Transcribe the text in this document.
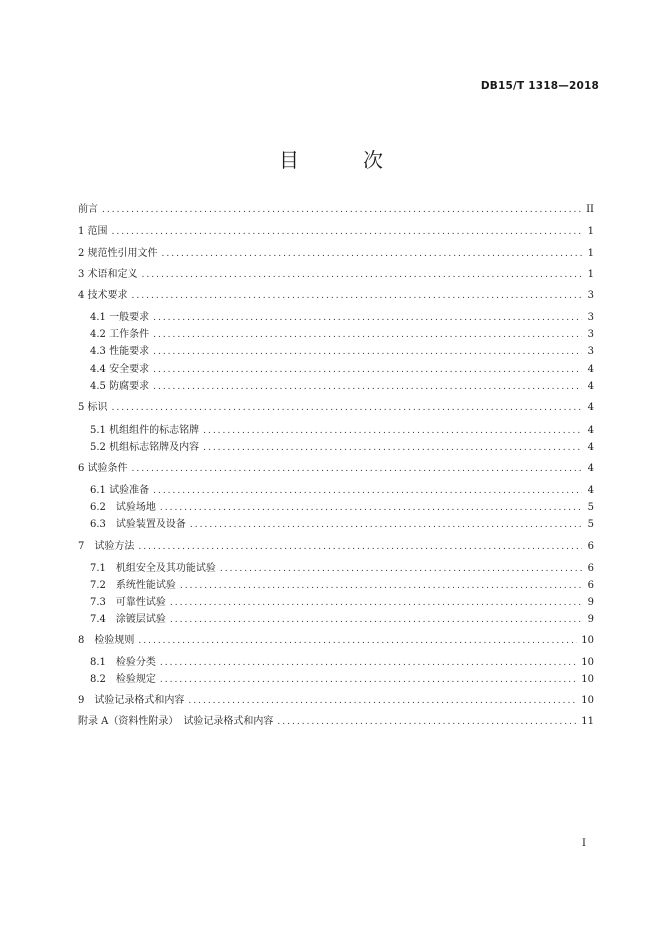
DB15/T 1318—2018
目　次
前言 .....	II
1 范围 .....	1
2 规范性引用文件 .....	1
3 术语和定义 .....	1
4 技术要求 .....	3
4.1 一般要求 .....	3
4.2 工作条件 .....	3
4.3 性能要求 .....	3
4.4 安全要求 .....	4
4.5 防腐要求 .....	4
5 标识 .....	4
5.1 机组组件的标志铭牌 .....	4
5.2 机组标志铭牌及内容 .....	4
6 试验条件 .....	4
6.1 试验准备 .....	4
6.2　试验场地 .....	5
6.3　试验装置及设备 .....	5
7　试验方法 .....	6
7.1　机组安全及其功能试验 .....	6
7.2　系统性能试验 .....	6
7.3　可靠性试验 .....	9
7.4　涂镀层试验 .....	9
8　检验规则 .....	10
8.1　检验分类 .....	10
8.2　检验规定 .....	10
9　试验记录格式和内容 .....	10
附录 A（资料性附录）　试验记录格式和内容 .....	11
I
